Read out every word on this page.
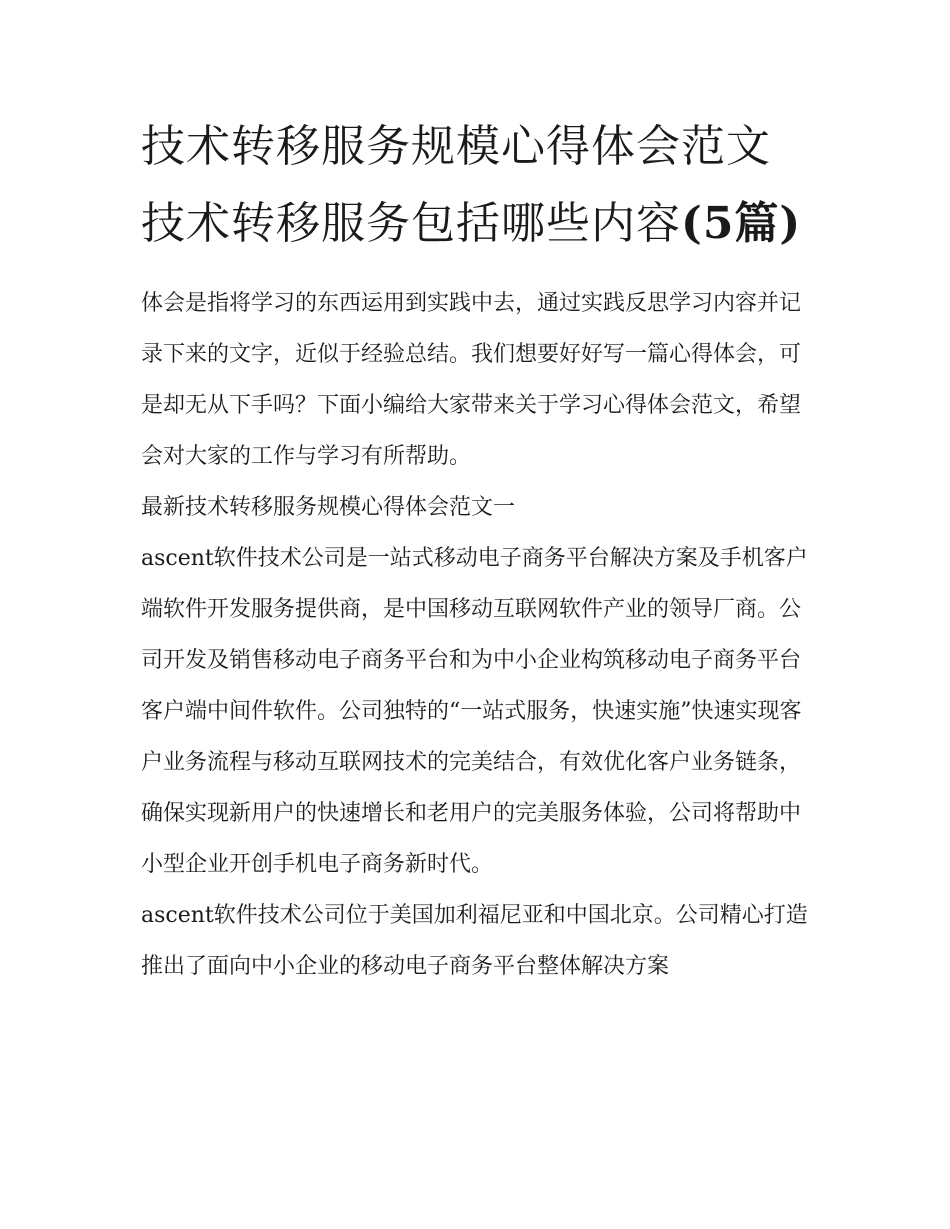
技术转移服务规模心得体会范文 技术转移服务包括哪些内容(5篇)

体会是指将学习的东西运用到实践中去，通过实践反思学习内容并记录下来的文字，近似于经验总结。我们想要好好写一篇心得体会，可是却无从下手吗？下面小编给大家带来关于学习心得体会范文，希望会对大家的工作与学习有所帮助。

最新技术转移服务规模心得体会范文一

ascent软件技术公司是一站式移动电子商务平台解决方案及手机客户端软件开发服务提供商，是中国移动互联网软件产业的领导厂商。公司开发及销售移动电子商务平台和为中小企业构筑移动电子商务平台客户端中间件软件。公司独特的“一站式服务，快速实施”快速实现客户业务流程与移动互联网技术的完美结合，有效优化客户业务链条，确保实现新用户的快速增长和老用户的完美服务体验，公司将帮助中小型企业开创手机电子商务新时代。

ascent软件技术公司位于美国加利福尼亚和中国北京。公司精心打造推出了面向中小企业的移动电子商务平台整体解决方案
